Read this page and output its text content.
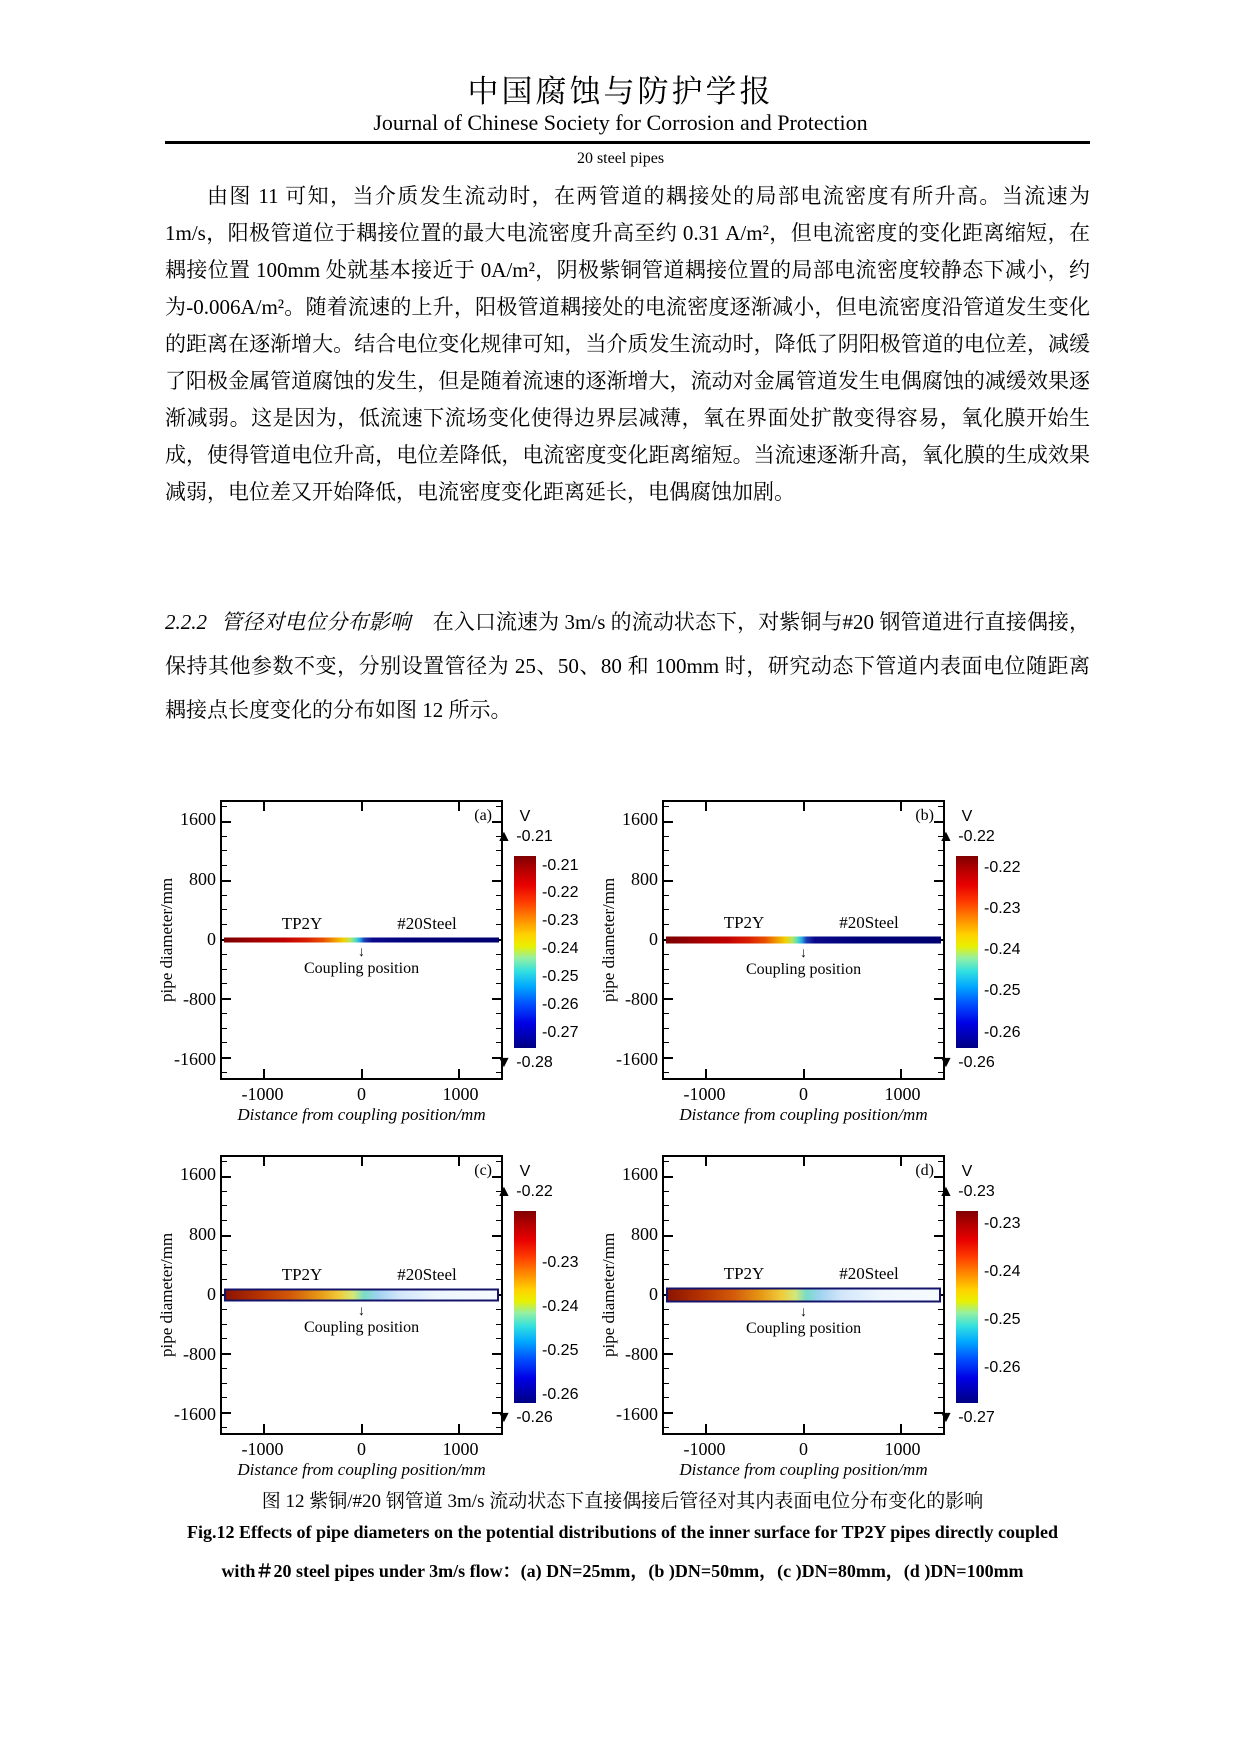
中国腐蚀与防护学报
Journal of Chinese Society for Corrosion and Protection
20 steel pipes

由图 11 可知，当介质发生流动时，在两管道的耦接处的局部电流密度有所升高。当流速为 1m/s，阳极管道位于耦接位置的最大电流密度升高至约 0.31 A/m²，但电流密度的变化距离缩短，在耦接位置 100mm 处就基本接近于 0A/m²，阴极紫铜管道耦接位置的局部电流密度较静态下减小，约为-0.006A/m²。随着流速的上升，阳极管道耦接处的电流密度逐渐减小，但电流密度沿管道发生变化的距离在逐渐增大。结合电位变化规律可知，当介质发生流动时，降低了阴阳极管道的电位差，减缓了阳极金属管道腐蚀的发生，但是随着流速的逐渐增大，流动对金属管道发生电偶腐蚀的减缓效果逐渐减弱。这是因为，低流速下流场变化使得边界层减薄，氧在界面处扩散变得容易，氧化膜开始生成，使得管道电位升高，电位差降低，电流密度变化距离缩短。当流速逐渐升高，氧化膜的生成效果减弱，电位差又开始降低，电流密度变化距离延长，电偶腐蚀加剧。

2.2.2 管径对电位分布影响 在入口流速为 3m/s 的流动状态下，对紫铜与#20 钢管道进行直接偶接，保持其他参数不变，分别设置管径为 25、50、80 和 100mm 时，研究动态下管道内表面电位随距离耦接点长度变化的分布如图 12 所示。

pipe diameter/mm
(a)
TP2Y	#20Steel
↓
Coupling position
1600
800
0
-800
-1600
-1000	0	1000
Distance from coupling position/mm
V
▲ -0.21
-0.21
-0.22
-0.23
-0.24
-0.25
-0.26
-0.27
▼ -0.28
pipe diameter/mm
(b)
TP2Y	#20Steel
↓
Coupling position
1600
800
0
-800
-1600
-1000	0	1000
Distance from coupling position/mm
V
▲ -0.22
-0.22
-0.23
-0.24
-0.25
-0.26
▼ -0.26
pipe diameter/mm
(c)
TP2Y	#20Steel
↓
Coupling position
1600
800
0
-800
-1600
-1000	0	1000
Distance from coupling position/mm
V
▲ -0.22
-0.23
-0.24
-0.25
-0.26
▼ -0.26
pipe diameter/mm
(d)
TP2Y	#20Steel
↓
Coupling position
1600
800
0
-800
-1600
-1000	0	1000
Distance from coupling position/mm
V
▲ -0.23
-0.23
-0.24
-0.25
-0.26
▼ -0.27
图 12 紫铜/#20 钢管道 3m/s 流动状态下直接偶接后管径对其内表面电位分布变化的影响
Fig.12 Effects of pipe diameters on the potential distributions of the inner surface for TP2Y pipes directly coupled
with＃20 steel pipes under 3m/s flow：(a) DN=25mm，(b )DN=50mm，(c )DN=80mm，(d )DN=100mm
